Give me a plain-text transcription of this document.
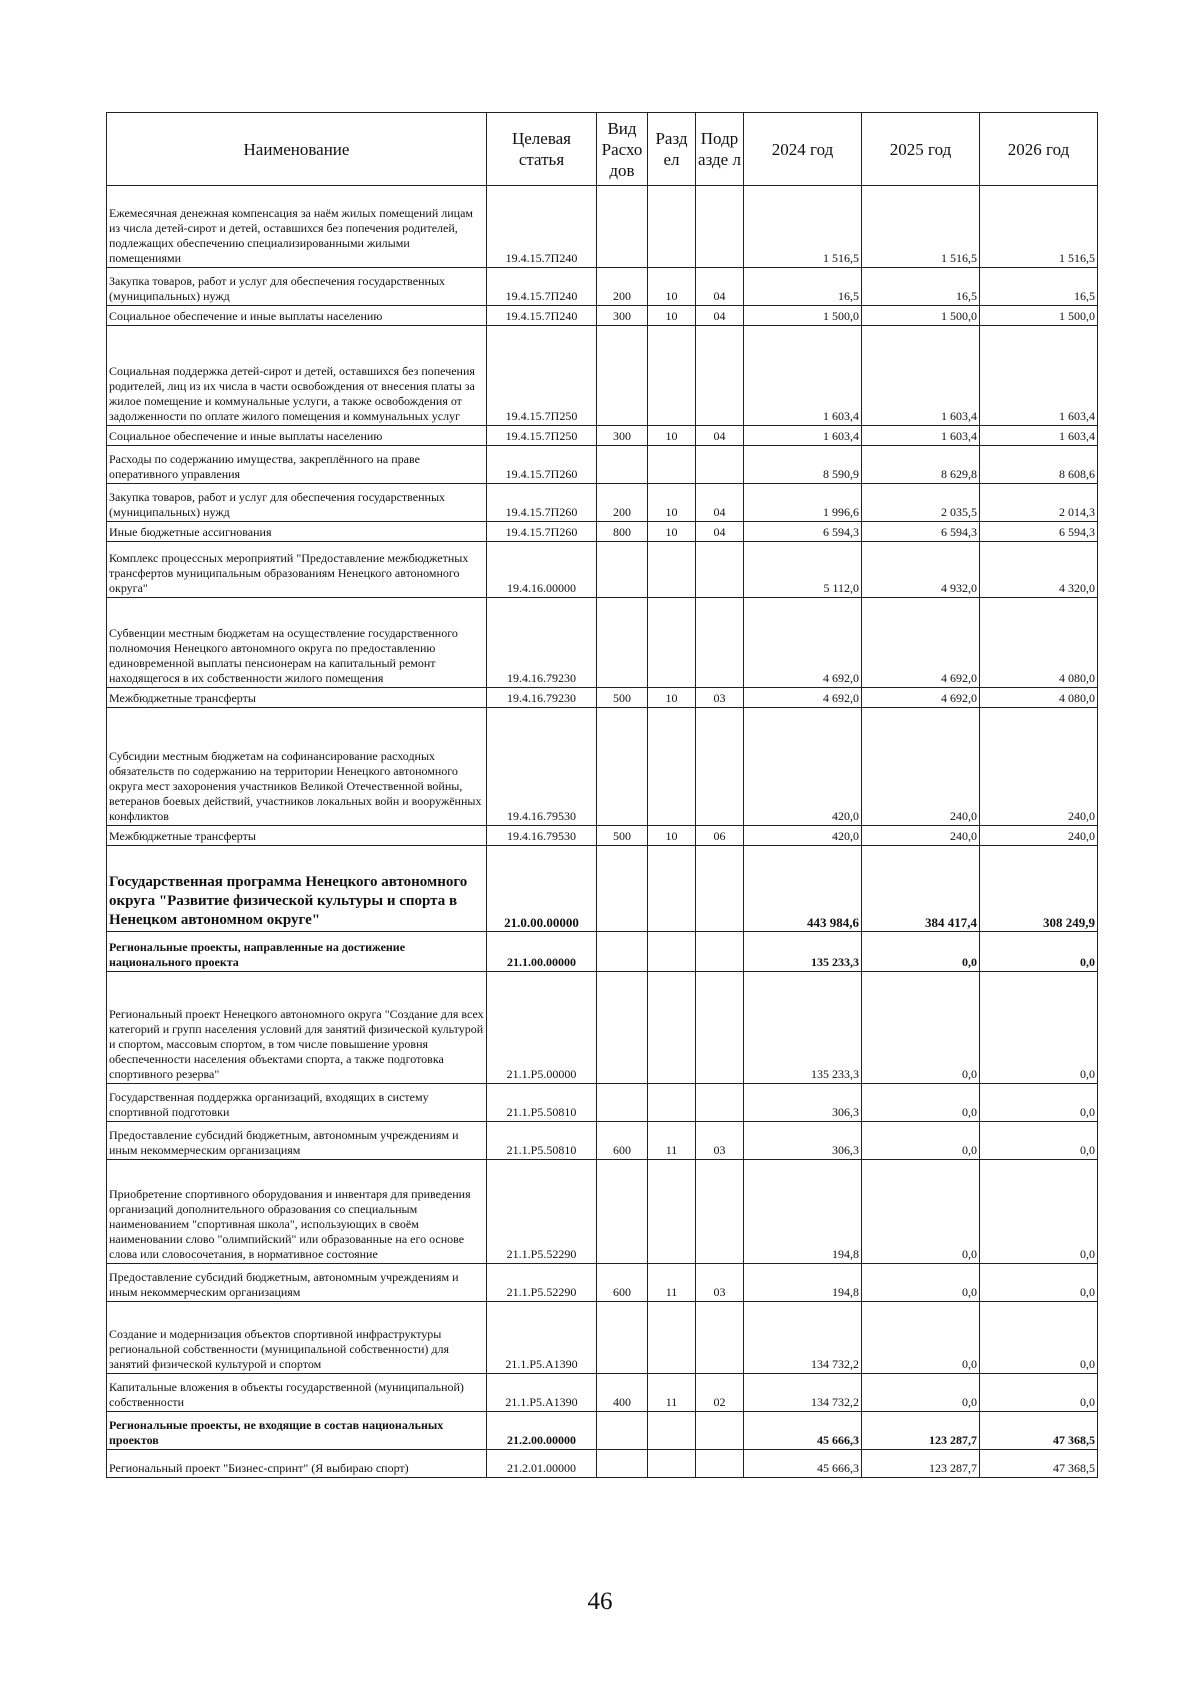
Наименование	Целевая статья	Вид Расхо дов	Разд ел	Подр азде л	2024 год	2025 год	2026 год
Ежемесячная денежная компенсация за наём жилых помещений лицам из числа детей-сирот и детей, оставшихся без попечения родителей, подлежащих обеспечению специализированными жилыми помещениями	19.4.15.7П240				1 516,5	1 516,5	1 516,5
Закупка товаров, работ и услуг для обеспечения государственных (муниципальных) нужд	19.4.15.7П240	200	10	04	16,5	16,5	16,5
Социальное обеспечение и иные выплаты населению	19.4.15.7П240	300	10	04	1 500,0	1 500,0	1 500,0
Социальная поддержка детей-сирот и детей, оставшихся без попечения родителей, лиц из их числа в части освобождения от внесения платы за жилое помещение и коммунальные услуги, а также освобождения от задолженности по оплате жилого помещения и коммунальных услуг	19.4.15.7П250				1 603,4	1 603,4	1 603,4
Социальное обеспечение и иные выплаты населению	19.4.15.7П250	300	10	04	1 603,4	1 603,4	1 603,4
Расходы по содержанию имущества, закреплённого на праве оперативного управления	19.4.15.7П260				8 590,9	8 629,8	8 608,6
Закупка товаров, работ и услуг для обеспечения государственных (муниципальных) нужд	19.4.15.7П260	200	10	04	1 996,6	2 035,5	2 014,3
Иные бюджетные ассигнования	19.4.15.7П260	800	10	04	6 594,3	6 594,3	6 594,3
Комплекс процессных мероприятий "Предоставление межбюджетных трансфертов муниципальным образованиям Ненецкого автономного округа"	19.4.16.00000				5 112,0	4 932,0	4 320,0
Субвенции местным бюджетам на осуществление государственного полномочия Ненецкого автономного округа по предоставлению единовременной выплаты пенсионерам на капитальный ремонт находящегося в их собственности жилого помещения	19.4.16.79230				4 692,0	4 692,0	4 080,0
Межбюджетные трансферты	19.4.16.79230	500	10	03	4 692,0	4 692,0	4 080,0
Субсидии местным бюджетам на софинансирование расходных обязательств по содержанию на территории Ненецкого автономного округа мест захоронения участников Великой Отечественной войны, ветеранов боевых действий, участников локальных войн и вооружённых конфликтов	19.4.16.79530				420,0	240,0	240,0
Межбюджетные трансферты	19.4.16.79530	500	10	06	420,0	240,0	240,0
Государственная программа Ненецкого автономного округа "Развитие физической культуры и спорта в Ненецком автономном округе"	21.0.00.00000				443 984,6	384 417,4	308 249,9
Региональные проекты, направленные на достижение национального проекта	21.1.00.00000				135 233,3	0,0	0,0
Региональный проект Ненецкого автономного округа "Создание для всех категорий и групп населения условий для занятий физической культурой и спортом, массовым спортом, в том числе повышение уровня обеспеченности населения объектами спорта, а также подготовка спортивного резерва"	21.1.Р5.00000				135 233,3	0,0	0,0
Государственная поддержка организаций, входящих в систему спортивной подготовки	21.1.Р5.50810				306,3	0,0	0,0
Предоставление субсидий бюджетным, автономным учреждениям и иным некоммерческим организациям	21.1.Р5.50810	600	11	03	306,3	0,0	0,0
Приобретение спортивного оборудования и инвентаря для приведения организаций дополнительного образования со специальным наименованием "спортивная школа", использующих в своём наименовании слово "олимпийский" или образованные на его основе слова или словосочетания, в нормативное состояние	21.1.Р5.52290				194,8	0,0	0,0
Предоставление субсидий бюджетным, автономным учреждениям и иным некоммерческим организациям	21.1.Р5.52290	600	11	03	194,8	0,0	0,0
Создание и модернизация объектов спортивной инфраструктуры региональной собственности (муниципальной собственности) для занятий физической культурой и спортом	21.1.Р5.А1390				134 732,2	0,0	0,0
Капитальные вложения в объекты государственной (муниципальной) собственности	21.1.Р5.А1390	400	11	02	134 732,2	0,0	0,0
Региональные проекты, не входящие в состав национальных проектов	21.2.00.00000				45 666,3	123 287,7	47 368,5
Региональный проект "Бизнес-спринт" (Я выбираю спорт)	21.2.01.00000				45 666,3	123 287,7	47 368,5
46
